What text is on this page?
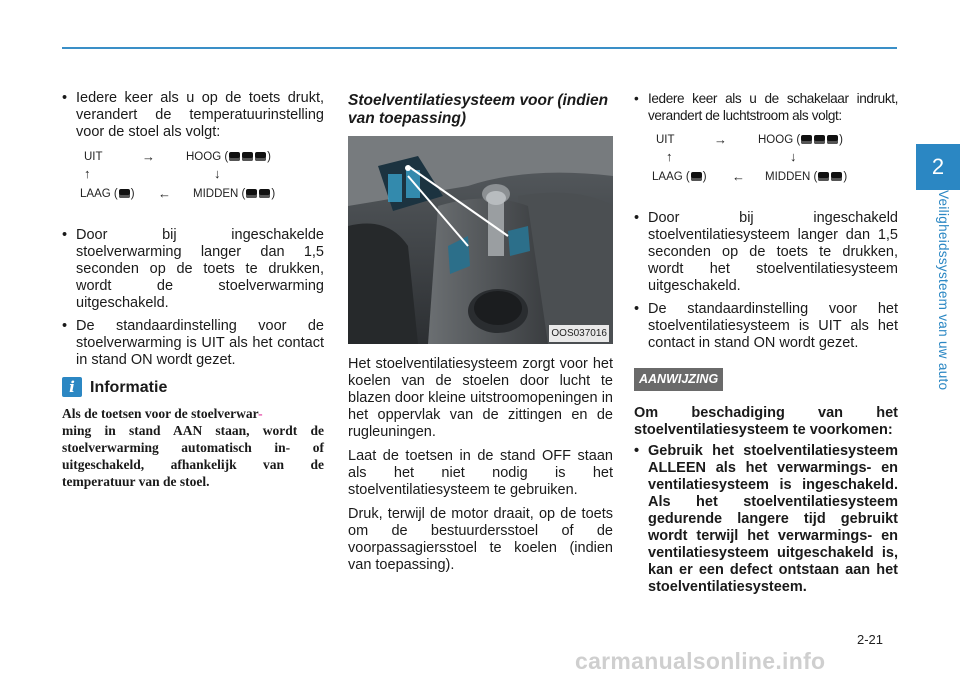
2
Veiligheidssysteem van uw auto
• Iedere keer als u op de toets drukt, verandert de temperatuurinstelling voor de stoel als volgt:
UIT	→	HOOG (	)
↑	↓
LAAG ( ) ← MIDDEN ( )
• Door bij ingeschakelde stoelverwarming langer dan 1,5 seconden op de toets te drukken, wordt de stoelverwarming uitgeschakeld.
• De standaardinstelling voor de stoelverwarming is UIT als het contact in stand ON wordt gezet.
i Informatie
Als de toetsen voor de stoelverwar-
ming in stand AAN staan, wordt de stoelverwarming automatisch in- of uitgeschakeld, afhankelijk van de temperatuur van de stoel.
Stoelventilatiesysteem voor (indien van toepassing)
OOS037016

Het stoelventilatiesysteem zorgt voor het koelen van de stoelen door lucht te blazen door kleine uitstroomopeningen in het oppervlak van de zittingen en de rugleuningen.

Laat de toetsen in de stand OFF staan als het niet nodig is het stoelventilatiesysteem te gebruiken.

Druk, terwijl de motor draait, op de toets om de bestuurdersstoel of de voorpassagiersstoel te koelen (indien van toepassing).

• Iedere keer als u de schakelaar indrukt, verandert de luchtstroom als volgt:
UIT	→	HOOG (	)
↑	↓
LAAG ( ) ← MIDDEN ( )
• Door bij ingeschakeld stoelventilatiesysteem langer dan 1,5 seconden op de toets te drukken, wordt het stoelventilatiesysteem uitgeschakeld.
• De standaardinstelling voor het stoelventilatiesysteem is UIT als het contact in stand ON wordt gezet.
AANWIJZING
Om beschadiging van het stoelventilatiesysteem te voorkomen:
• Gebruik het stoelventilatiesysteem ALLEEN als het verwarmings- en ventilatiesysteem is ingeschakeld. Als het stoelventilatiesysteem gedurende langere tijd gebruikt wordt terwijl het verwarmings- en ventilatiesysteem uitgeschakeld is, kan er een defect ontstaan aan het stoelventilatiesysteem.
2-21
carmanualsonline.info
